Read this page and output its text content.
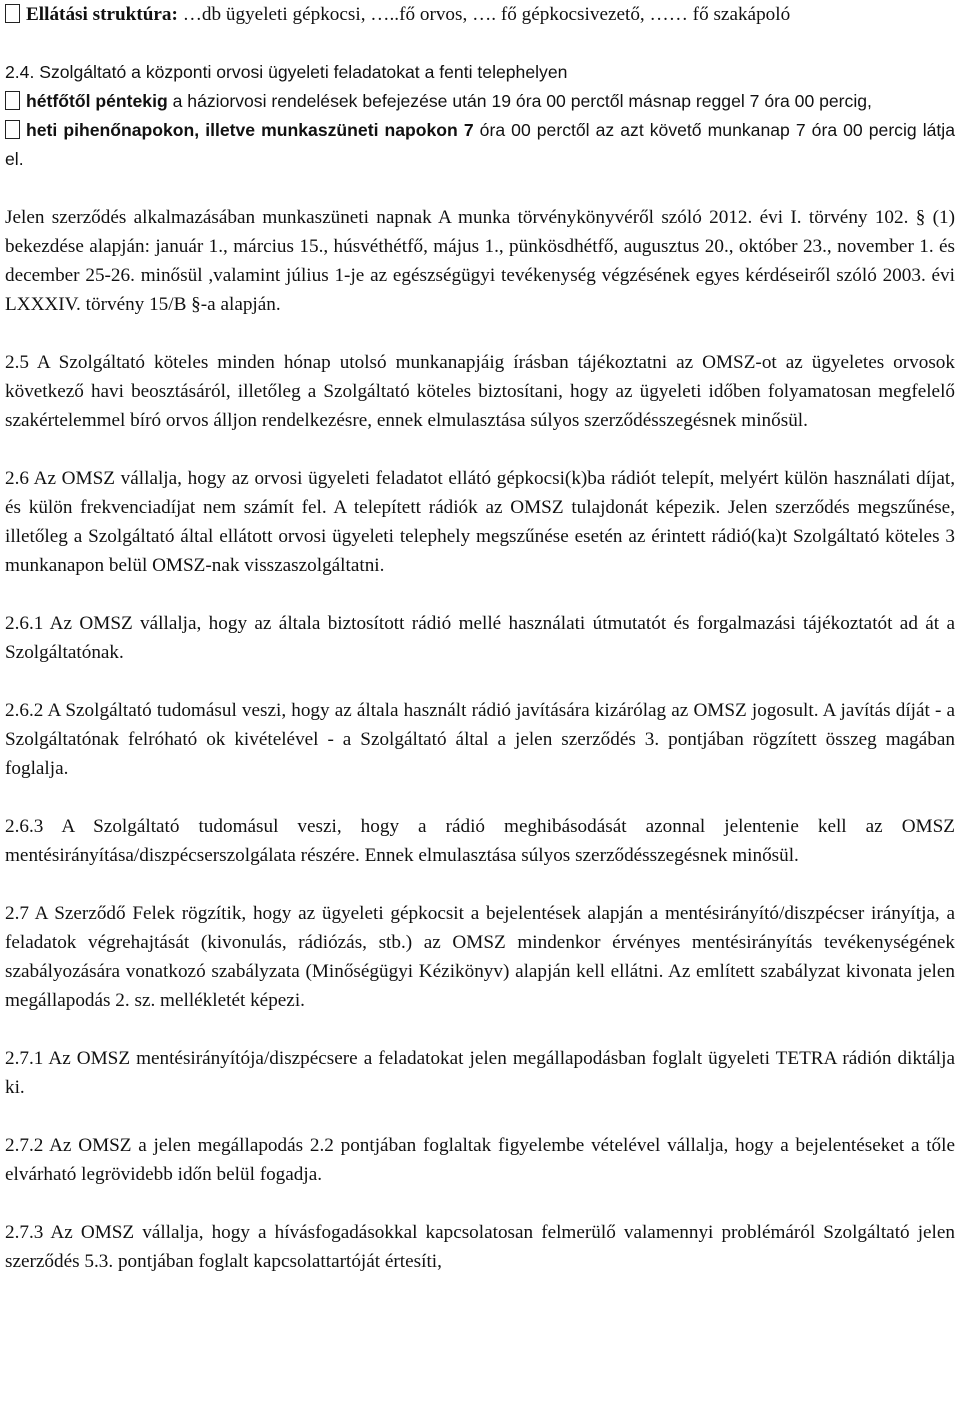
Ellátási struktúra: …db ügyeleti gépkocsi, …..fő orvos, …. fő gépkocsivezető, …… fő szakápoló

2.4. Szolgáltató a központi orvosi ügyeleti feladatokat a fenti telephelyen

hétfőtől péntekig a háziorvosi rendelések befejezése után 19 óra 00 perctől másnap reggel 7 óra 00 percig,

heti pihenőnapokon, illetve munkaszüneti napokon 7 óra 00 perctől az azt követő munkanap 7 óra 00 percig látja el.

Jelen szerződés alkalmazásában munkaszüneti napnak A munka törvénykönyvéről szóló 2012. évi I. törvény 102. § (1) bekezdése alapján: január 1., március 15., húsvéthétfő, május 1., pünkösdhétfő, augusztus 20., október 23., november 1. és december 25-26. minősül ,valamint július 1-je az egészségügyi tevékenység végzésének egyes kérdéseiről szóló 2003. évi LXXXIV. törvény 15/B §-a alapján.

2.5 A Szolgáltató köteles minden hónap utolsó munkanapjáig írásban tájékoztatni az OMSZ-ot az ügyeletes orvosok következő havi beosztásáról, illetőleg a Szolgáltató köteles biztosítani, hogy az ügyeleti időben folyamatosan megfelelő szakértelemmel bíró orvos álljon rendelkezésre, ennek elmulasztása súlyos szerződésszegésnek minősül.

2.6 Az OMSZ vállalja, hogy az orvosi ügyeleti feladatot ellátó gépkocsi(k)ba rádiót telepít, melyért külön használati díjat, és külön frekvenciadíjat nem számít fel. A telepített rádiók az OMSZ tulajdonát képezik. Jelen szerződés megszűnése, illetőleg a Szolgáltató által ellátott orvosi ügyeleti telephely megszűnése esetén az érintett rádió(ka)t Szolgáltató köteles 3 munkanapon belül OMSZ-nak visszaszolgáltatni.

2.6.1 Az OMSZ vállalja, hogy az általa biztosított rádió mellé használati útmutatót és forgalmazási tájékoztatót ad át a Szolgáltatónak.

2.6.2 A Szolgáltató tudomásul veszi, hogy az általa használt rádió javítására kizárólag az OMSZ jogosult. A javítás díját - a Szolgáltatónak felróható ok kivételével - a Szolgáltató által a jelen szerződés 3. pontjában rögzített összeg magában foglalja.

2.6.3 A Szolgáltató tudomásul veszi, hogy a rádió meghibásodását azonnal jelentenie kell az OMSZ mentésirányítása/diszpécserszolgálata részére. Ennek elmulasztása súlyos szerződésszegésnek minősül.

2.7 A Szerződő Felek rögzítik, hogy az ügyeleti gépkocsit a bejelentések alapján a mentésirányító/diszpécser irányítja, a feladatok végrehajtását (kivonulás, rádiózás, stb.) az OMSZ mindenkor érvényes mentésirányítás tevékenységének szabályozására vonatkozó szabályzata (Minőségügyi Kézikönyv) alapján kell ellátni. Az említett szabályzat kivonata jelen megállapodás 2. sz. mellékletét képezi.

2.7.1 Az OMSZ mentésirányítója/diszpécsere a feladatokat jelen megállapodásban foglalt ügyeleti TETRA rádión diktálja ki.

2.7.2 Az OMSZ a jelen megállapodás 2.2 pontjában foglaltak figyelembe vételével vállalja, hogy a bejelentéseket a tőle elvárható legrövidebb időn belül fogadja.

2.7.3 Az OMSZ vállalja, hogy a hívásfogadásokkal kapcsolatosan felmerülő valamennyi problémáról Szolgáltató jelen szerződés 5.3. pontjában foglalt kapcsolattartóját értesíti,
